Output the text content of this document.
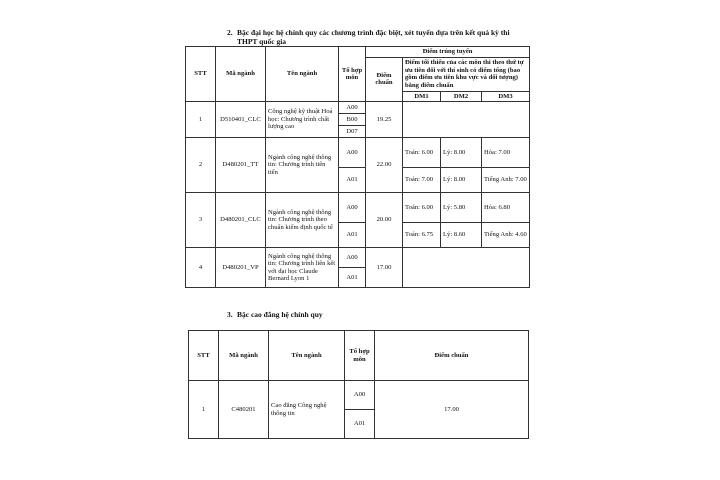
2. Bậc đại học hệ chính quy các chương trình đặc biệt, xét tuyển dựa trên kết quả kỳ thi
THPT quốc gia
STT	Mã ngành	Tên ngành	Tổ hợp môn	Điểm trúng tuyển			
				Điểm chuẩn	Điểm tối thiểu của các môn thi theo thứ tự ưu tiên đối với thí sinh có điểm tổng (bao gồm điểm ưu tiên khu vực và đối tượng) bằng điểm chuẩn		
					DM1	DM2	DM3
1	D510401_CLC	Công nghệ kỹ thuật Hoá học: Chương trình chất lượng cao	A00	19.25			
			B00				
			D07				
2	D480201_TT	Ngành công nghệ thông tin: Chương trình tiên tiến	A00	22.00	Toán: 6.00	Lý: 8.00	Hóa: 7.00
			A01		Toán: 7.00	Lý: 8.00	Tiếng Anh: 7.00
3	D480201_CLC	Ngành công nghệ thông tin: Chương trình theo chuẩn kiểm định quốc tế	A00	20.00	Toán: 6.00	Lý: 5.80	Hóa: 6.80
			A01		Toán: 6.75	Lý: 8.60	Tiếng Anh: 4.60
4	D480201_VP	Ngành công nghệ thông tin: Chương trình liên kết với đại học Claude Bernard Lyon 1	A00	17.00			
			A01				
3. Bậc cao đẳng hệ chính quy
STT	Mã ngành	Tên ngành	Tổ hợp môn	Điểm chuẩn
1	C480201	Cao đẳng Công nghệ thông tin	A00	17.00
			A01	
